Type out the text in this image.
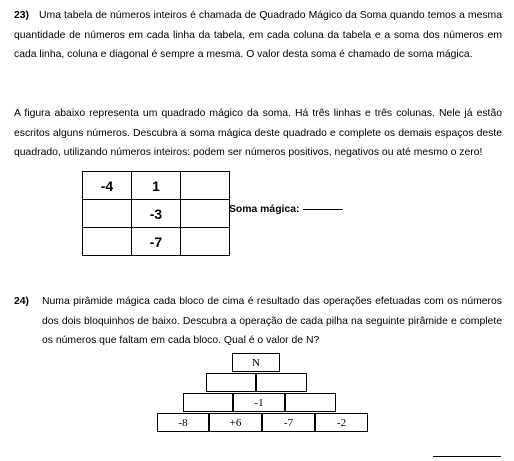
23) Uma tabela de números inteiros é chamada de Quadrado Mágico da Soma quando temos a mesma quantidade de números em cada linha da tabela, em cada coluna da tabela e a soma dos números em cada linha, coluna e diagonal é sempre a mesma. O valor desta soma é chamado de soma mágica.
A figura abaixo representa um quadrado mágico da soma. Há três linhas e três colunas. Nele já estão escritos alguns números. Descubra a soma mágica deste quadrado e complete os demais espaços deste quadrado, utilizando números inteiros: podem ser números positivos, negativos ou até mesmo o zero!
-4	1	
	-3	
	-7	
Soma mágica:
24)	Numa pirâmide mágica cada bloco de cima é resultado das operações efetuadas com os números dos dois bloquinhos de baixo. Descubra a operação de cada pilha na seguinte pirâmide e complete os números que faltam em cada bloco. Qual é o valor de N?
N
-1
-8	+6	-7	-2
